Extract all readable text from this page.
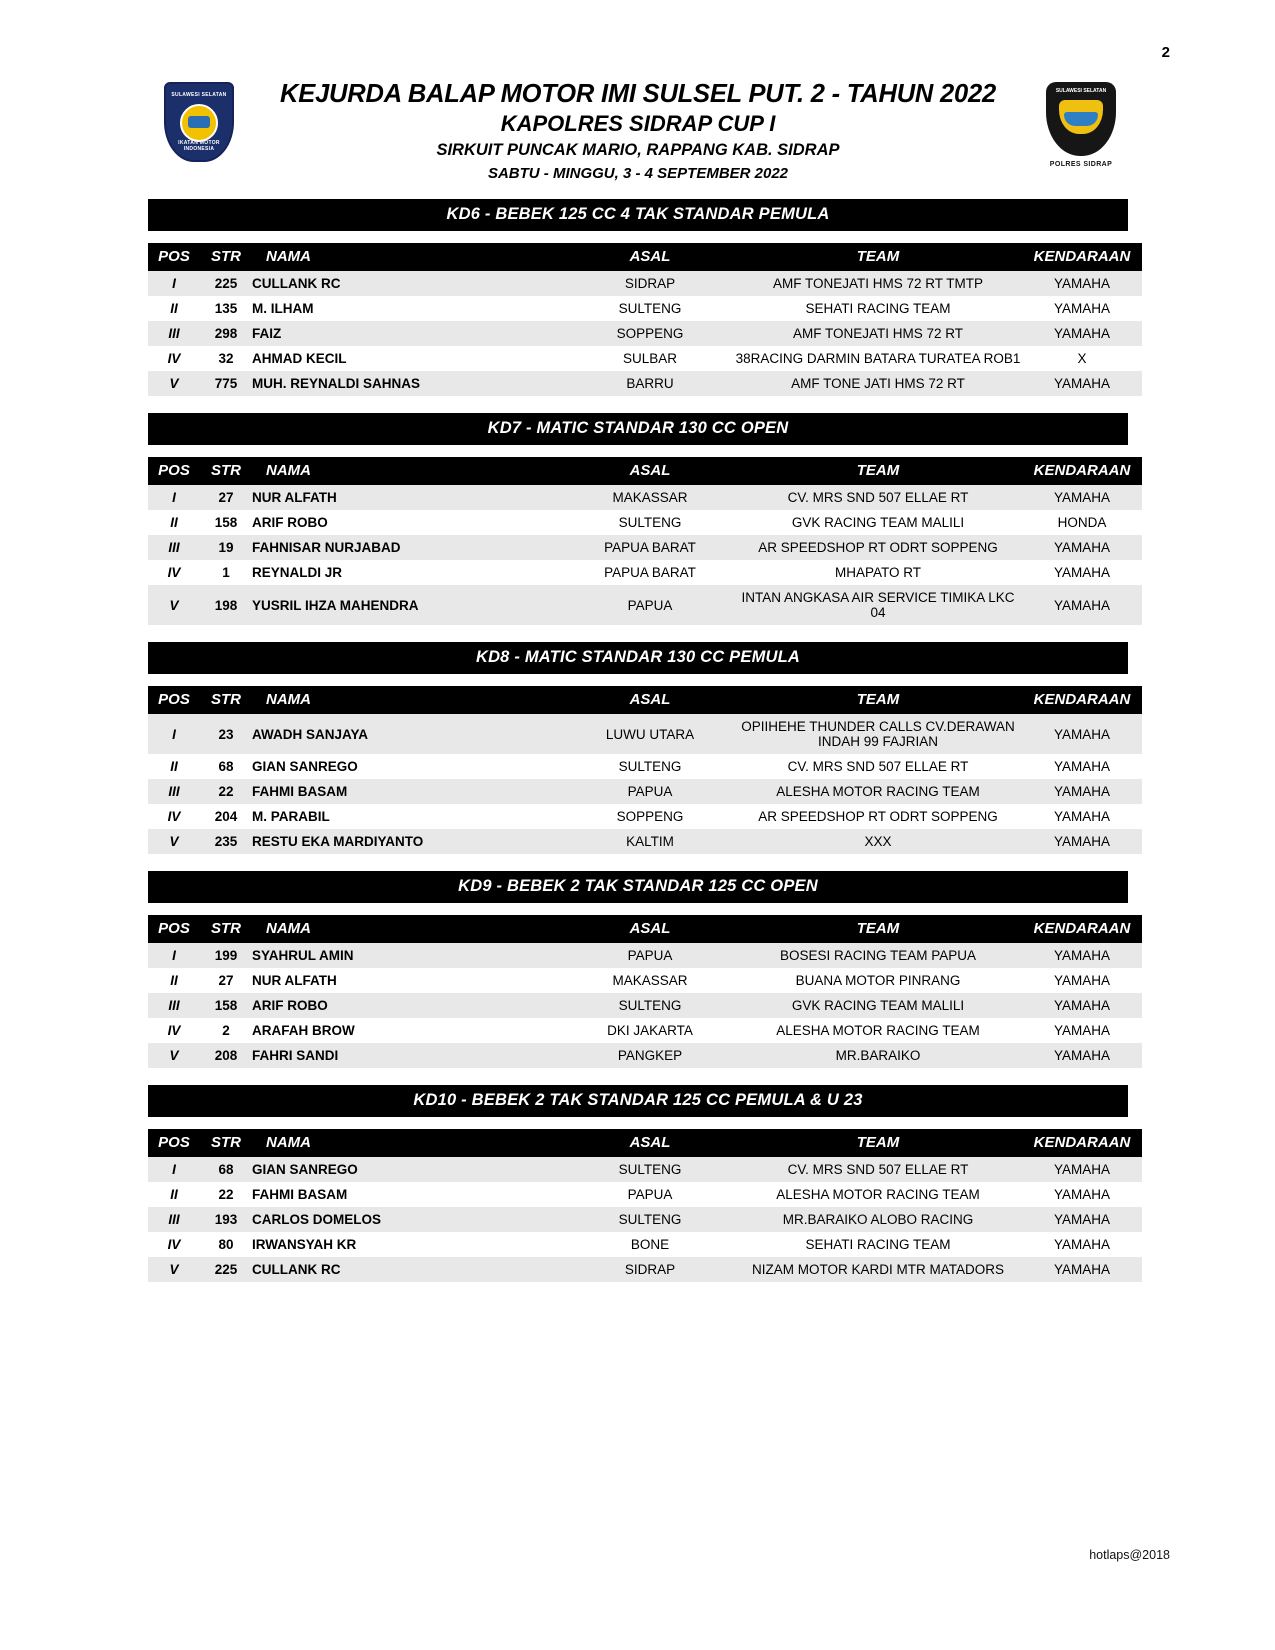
2
SULAWESI SELATAN
IKATAN MOTOR INDONESIA
KEJURDA BALAP MOTOR IMI SULSEL PUT. 2 - TAHUN 2022
KAPOLRES SIDRAP CUP I
SIRKUIT PUNCAK MARIO, RAPPANG KAB. SIDRAP
SABTU - MINGGU, 3 - 4 SEPTEMBER 2022
SULAWESI SELATAN
POLRES SIDRAP
KD6 - BEBEK 125 CC 4 TAK STANDAR PEMULA
POS	STR	NAMA	ASAL	TEAM	KENDARAAN
I	225	CULLANK RC	SIDRAP	AMF TONEJATI HMS 72 RT TMTP	YAMAHA
II	135	M. ILHAM	SULTENG	SEHATI RACING TEAM	YAMAHA
III	298	FAIZ	SOPPENG	AMF TONEJATI HMS 72 RT	YAMAHA
IV	32	AHMAD KECIL	SULBAR	38RACING DARMIN BATARA TURATEA ROB1	X
V	775	MUH. REYNALDI SAHNAS	BARRU	AMF TONE JATI HMS 72 RT	YAMAHA
KD7 - MATIC STANDAR 130 CC OPEN
POS	STR	NAMA	ASAL	TEAM	KENDARAAN
I	27	NUR ALFATH	MAKASSAR	CV. MRS SND 507 ELLAE RT	YAMAHA
II	158	ARIF ROBO	SULTENG	GVK RACING TEAM MALILI	HONDA
III	19	FAHNISAR NURJABAD	PAPUA BARAT	AR SPEEDSHOP RT ODRT SOPPENG	YAMAHA
IV	1	REYNALDI JR	PAPUA BARAT	MHAPATO RT	YAMAHA
V	198	YUSRIL IHZA MAHENDRA	PAPUA	INTAN ANGKASA AIR SERVICE TIMIKA LKC 04	YAMAHA
KD8 - MATIC STANDAR 130 CC PEMULA
POS	STR	NAMA	ASAL	TEAM	KENDARAAN
I	23	AWADH SANJAYA	LUWU UTARA	OPIIHEHE THUNDER CALLS CV.DERAWAN INDAH 99 FAJRIAN	YAMAHA
II	68	GIAN SANREGO	SULTENG	CV. MRS SND 507 ELLAE RT	YAMAHA
III	22	FAHMI BASAM	PAPUA	ALESHA MOTOR RACING TEAM	YAMAHA
IV	204	M. PARABIL	SOPPENG	AR SPEEDSHOP RT ODRT SOPPENG	YAMAHA
V	235	RESTU EKA MARDIYANTO	KALTIM	XXX	YAMAHA
KD9 - BEBEK 2 TAK STANDAR 125 CC OPEN
POS	STR	NAMA	ASAL	TEAM	KENDARAAN
I	199	SYAHRUL AMIN	PAPUA	BOSESI RACING TEAM PAPUA	YAMAHA
II	27	NUR ALFATH	MAKASSAR	BUANA MOTOR PINRANG	YAMAHA
III	158	ARIF ROBO	SULTENG	GVK RACING TEAM MALILI	YAMAHA
IV	2	ARAFAH BROW	DKI JAKARTA	ALESHA MOTOR RACING TEAM	YAMAHA
V	208	FAHRI SANDI	PANGKEP	MR.BARAIKO	YAMAHA
KD10 - BEBEK 2 TAK STANDAR 125 CC PEMULA & U 23
POS	STR	NAMA	ASAL	TEAM	KENDARAAN
I	68	GIAN SANREGO	SULTENG	CV. MRS SND 507 ELLAE RT	YAMAHA
II	22	FAHMI BASAM	PAPUA	ALESHA MOTOR RACING TEAM	YAMAHA
III	193	CARLOS DOMELOS	SULTENG	MR.BARAIKO ALOBO RACING	YAMAHA
IV	80	IRWANSYAH KR	BONE	SEHATI RACING TEAM	YAMAHA
V	225	CULLANK RC	SIDRAP	NIZAM MOTOR KARDI MTR MATADORS	YAMAHA
hotlaps@2018
